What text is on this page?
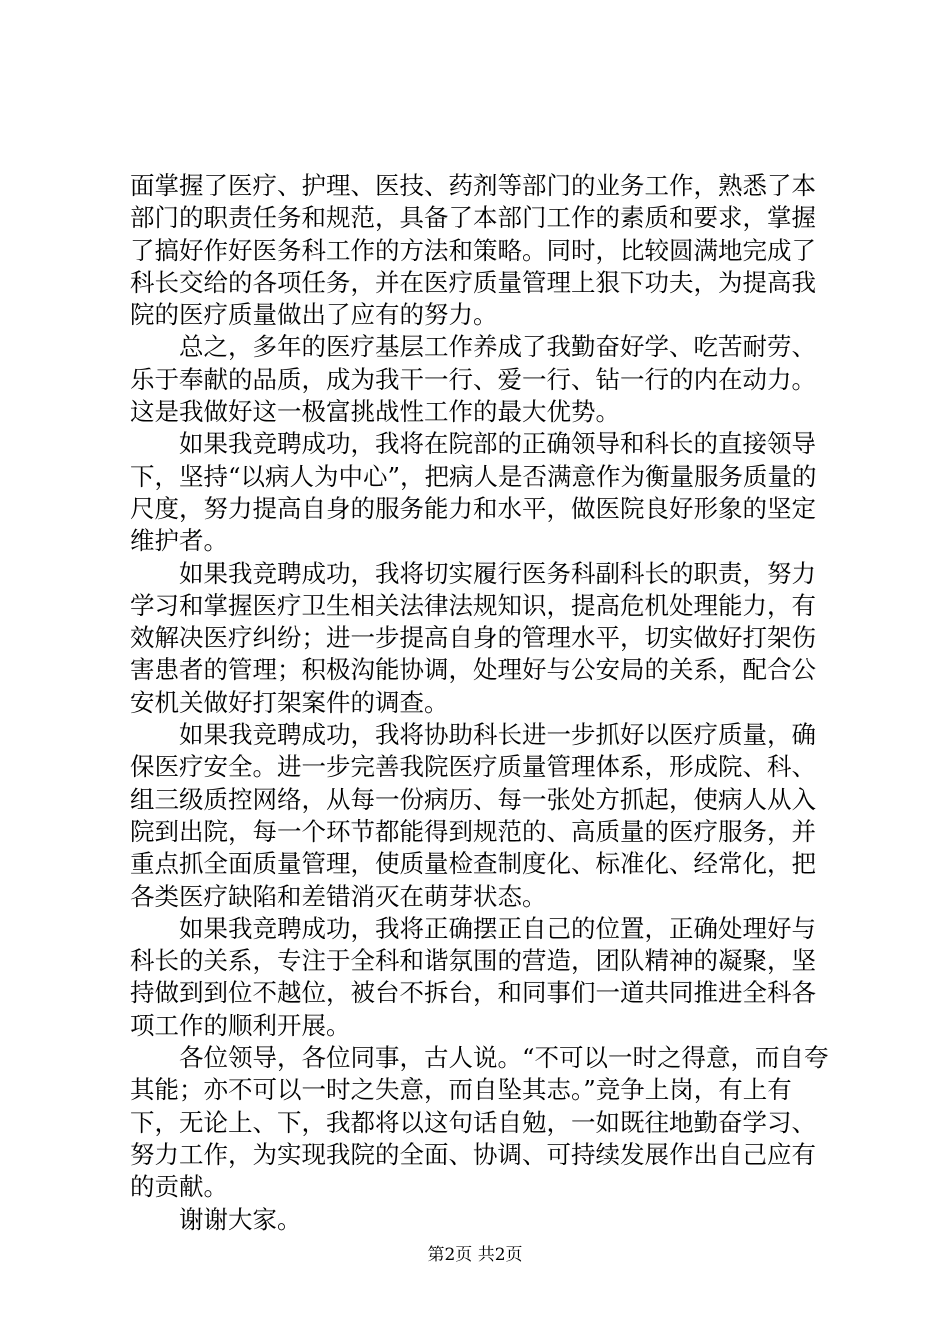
面掌握了医疗、护理、医技、药剂等部门的业务工作，熟悉了本部门的职责任务和规范，具备了本部门工作的素质和要求，掌握了搞好作好医务科工作的方法和策略。同时，比较圆满地完成了科长交给的各项任务，并在医疗质量管理上狠下功夫，为提高我院的医疗质量做出了应有的努力。

总之，多年的医疗基层工作养成了我勤奋好学、吃苦耐劳、乐于奉献的品质，成为我干一行、爱一行、钻一行的内在动力。这是我做好这一极富挑战性工作的最大优势。

如果我竞聘成功，我将在院部的正确领导和科长的直接领导下，坚持“以病人为中心”，把病人是否满意作为衡量服务质量的尺度，努力提高自身的服务能力和水平，做医院良好形象的坚定维护者。

如果我竞聘成功，我将切实履行医务科副科长的职责，努力学习和掌握医疗卫生相关法律法规知识，提高危机处理能力，有效解决医疗纠纷；进一步提高自身的管理水平，切实做好打架伤害患者的管理；积极沟能协调，处理好与公安局的关系，配合公安机关做好打架案件的调查。

如果我竞聘成功，我将协助科长进一步抓好以医疗质量，确保医疗安全。进一步完善我院医疗质量管理体系，形成院、科、组三级质控网络，从每一份病历、每一张处方抓起，使病人从入院到出院，每一个环节都能得到规范的、高质量的医疗服务，并重点抓全面质量管理，使质量检查制度化、标准化、经常化，把各类医疗缺陷和差错消灭在萌芽状态。

如果我竞聘成功，我将正确摆正自己的位置，正确处理好与科长的关系，专注于全科和谐氛围的营造，团队精神的凝聚，坚持做到到位不越位，被台不拆台，和同事们一道共同推进全科各项工作的顺利开展。

各位领导，各位同事，古人说。“不可以一时之得意，而自夸其能；亦不可以一时之失意，而自坠其志。”竞争上岗，有上有下，无论上、下，我都将以这句话自勉，一如既往地勤奋学习、努力工作，为实现我院的全面、协调、可持续发展作出自己应有的贡献。

谢谢大家。

第2页 共2页
